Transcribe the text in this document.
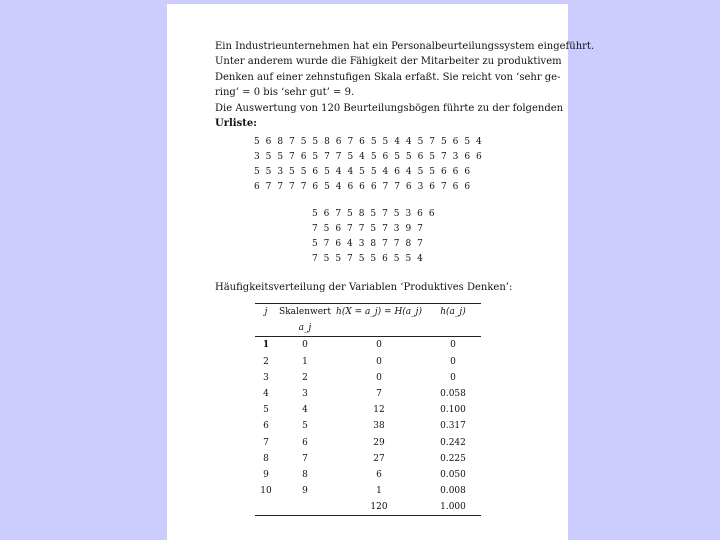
Ein Industrieunternehmen hat ein Personalbeurteilungssystem eingeführt.
Unter anderem wurde die Fähigkeit der Mitarbeiter zu produktivem
Denken auf einer zehnstufigen Skala erfaßt. Sie reicht von ‘sehr ge-
ring’ = 0 bis ‘sehr gut’ = 9.
Die Auswertung von 120 Beurteilungsbögen führte zu der folgenden
Urliste:
5 6 8 7 5 5 8 6 7 6 5 5 4 4 5 7 5 6 5 4
3 5 5 7 6 5 7 7 5 4 5 6 5 5 6 5 7 3 6 6
5 5 3 5 5 6 5 4 4 5 5 4 6 4 5 5 6 6 6
6 7 7 7 7 6 5 4 6 6 6 7 7 6 3 6 7 6 6
5 6 7 5 8 5 7 5 3 6 6
7 5 6 7 7 5 7 3 9 7
5 7 6 4 3 8 7 7 8 7
7 5 5 7 5 5 6 5 5 4
Häufigkeitsverteilung der Variablen ‘Produktives Denken’:
j	Skalenwert	h(X = a_j) = H(a_j)	h(a_j)
	a_j		
1	0	0	0
2	1	0	0
3	2	0	0
4	3	7	0.058
5	4	12	0.100
6	5	38	0.317
7	6	29	0.242
8	7	27	0.225
9	8	6	0.050
10	9	1	0.008
		120	1.000
